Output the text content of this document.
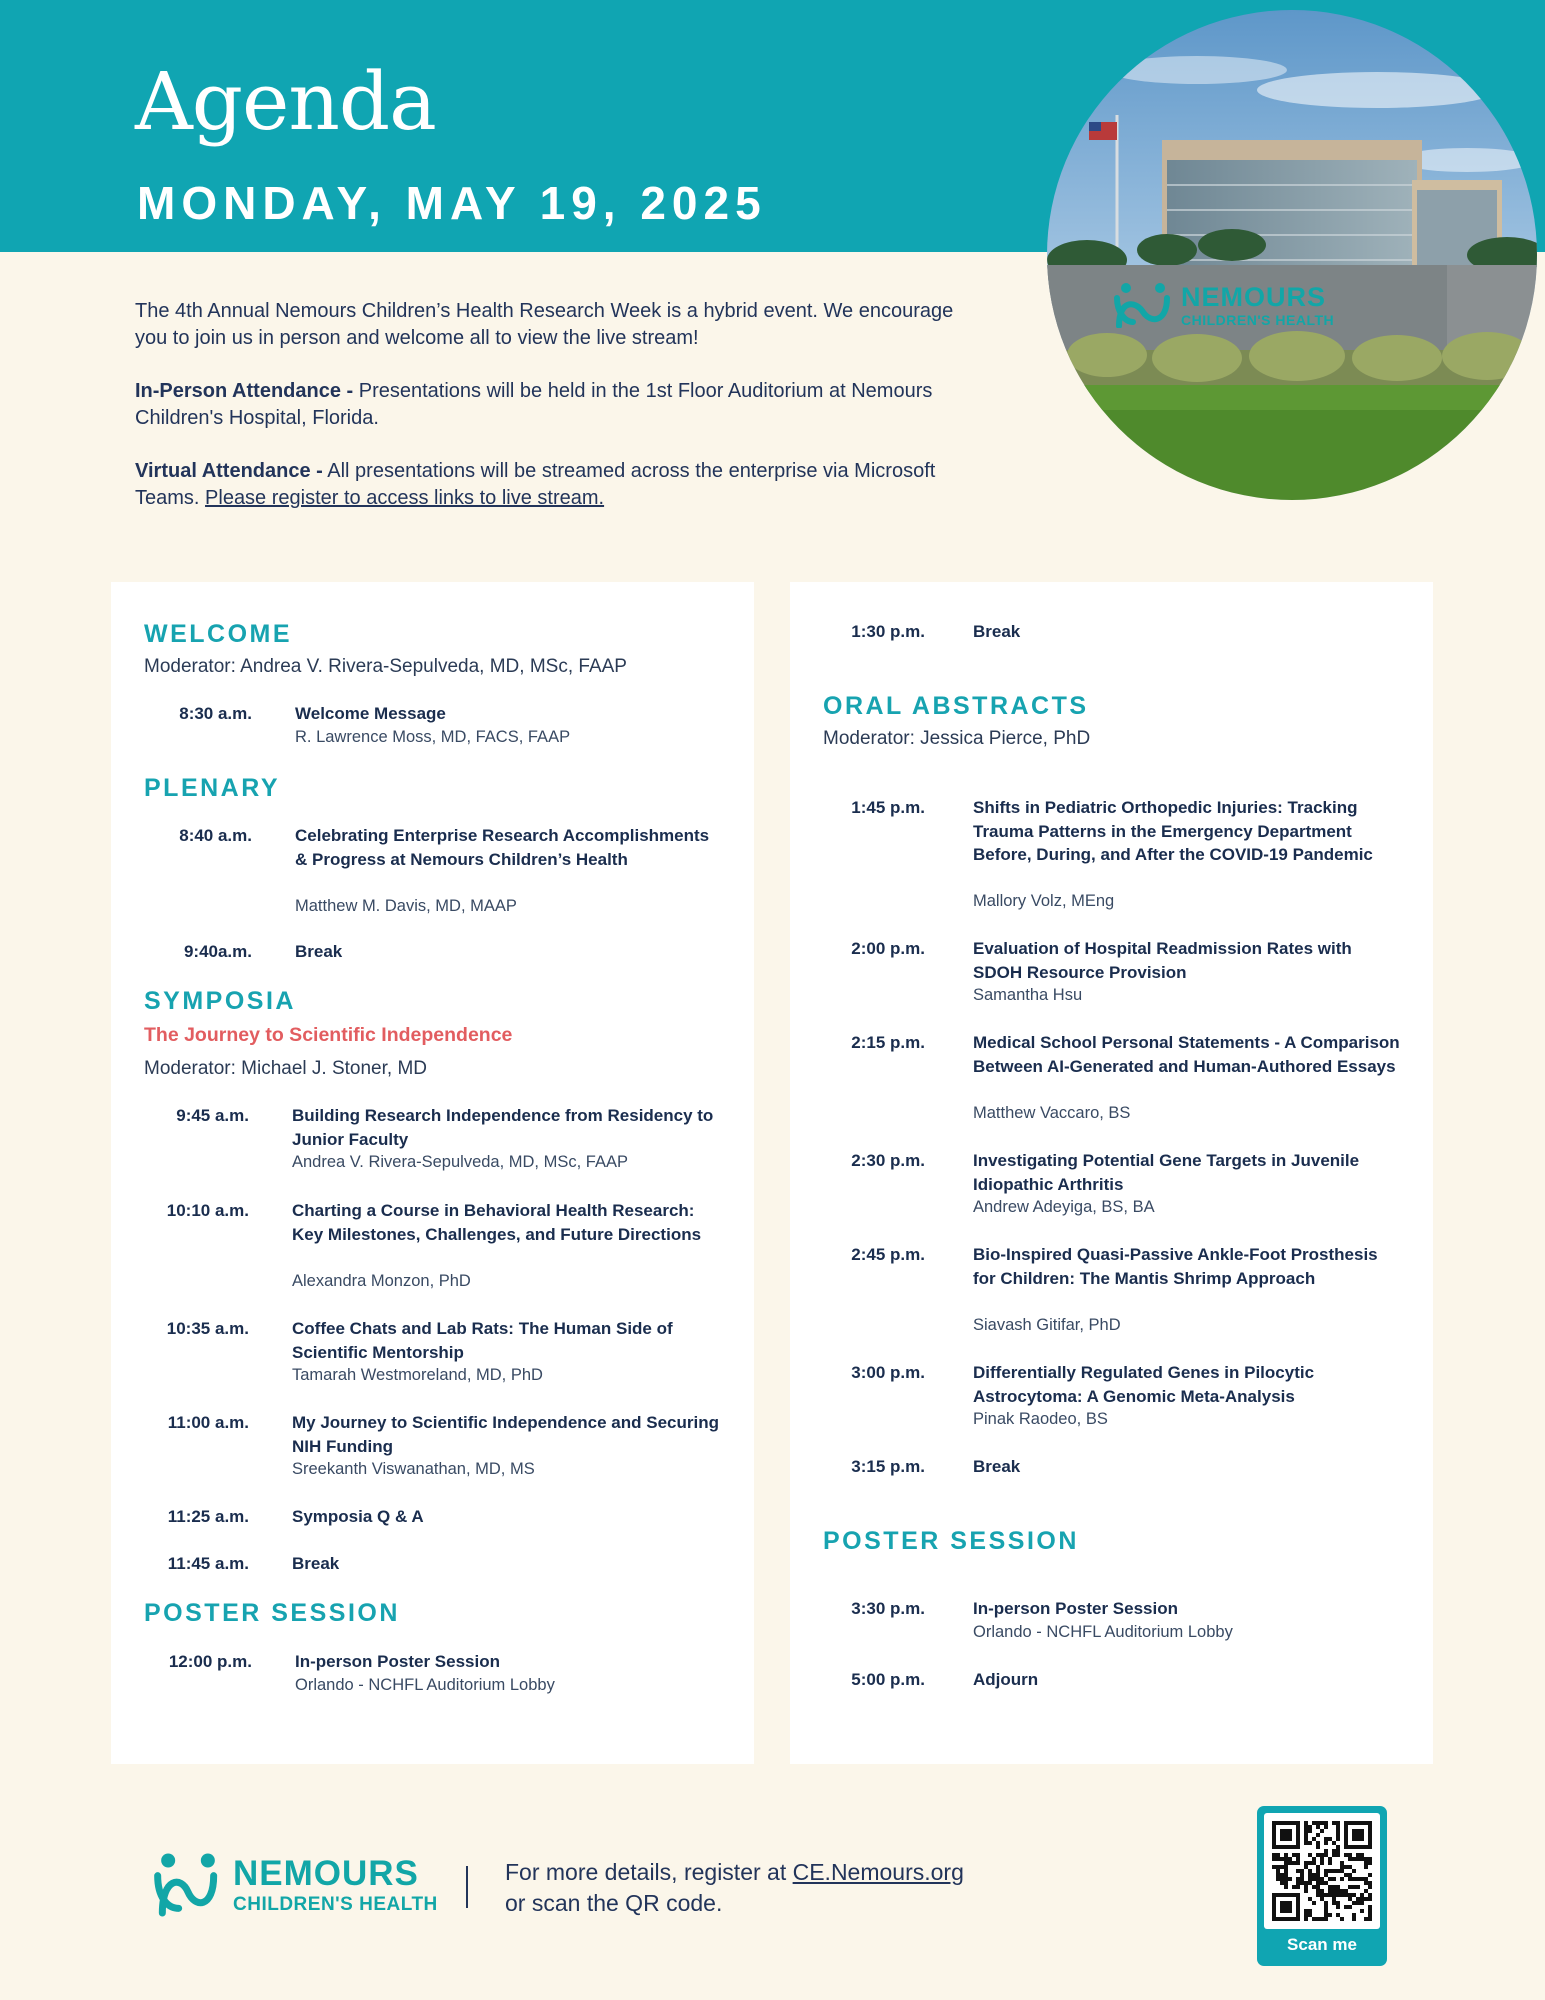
Agenda
MONDAY, MAY 19, 2025
NEMOURS
CHILDREN'S HEALTH

The 4th Annual Nemours Children’s Health Research Week is a hybrid event. We encourage you to join us in person and welcome all to view the live stream!

In-Person Attendance - Presentations will be held in the 1st Floor Auditorium at Nemours Children's Hospital, Florida.

Virtual Attendance - All presentations will be streamed across the enterprise via Microsoft Teams. Please register to access links to live stream.

WELCOME
Moderator: Andrea V. Rivera-Sepulveda, MD, MSc, FAAP
8:30 a.m.	Welcome Message
R. Lawrence Moss, MD, FACS, FAAP
PLENARY
8:40 a.m.	Celebrating Enterprise Research Accomplishments & Progress at Nemours Children’s Health
Matthew M. Davis, MD, MAAP
9:40a.m.	Break
SYMPOSIA
The Journey to Scientific Independence
Moderator: Michael J. Stoner, MD
9:45 a.m.	Building Research Independence from Residency to Junior Faculty
Andrea V. Rivera-Sepulveda, MD, MSc, FAAP
10:10 a.m.	Charting a Course in Behavioral Health Research: Key Milestones, Challenges, and Future Directions
Alexandra Monzon, PhD
10:35 a.m.	Coffee Chats and Lab Rats: The Human Side of Scientific Mentorship
Tamarah Westmoreland, MD, PhD
11:00 a.m.	My Journey to Scientific Independence and Securing NIH Funding
Sreekanth Viswanathan, MD, MS
11:25 a.m.	Symposia Q & A
11:45 a.m.	Break
POSTER SESSION
12:00 p.m.	In-person Poster Session
Orlando - NCHFL Auditorium Lobby
1:30 p.m.	Break
ORAL ABSTRACTS
Moderator: Jessica Pierce, PhD
1:45 p.m.	Shifts in Pediatric Orthopedic Injuries: Tracking Trauma Patterns in the Emergency Department Before, During, and After the COVID-19 Pandemic
Mallory Volz, MEng
2:00 p.m.	Evaluation of Hospital Readmission Rates with SDOH Resource Provision
Samantha Hsu
2:15 p.m.	Medical School Personal Statements - A Comparison Between AI-Generated and Human-Authored Essays
Matthew Vaccaro, BS
2:30 p.m.	Investigating Potential Gene Targets in Juvenile Idiopathic Arthritis
Andrew Adeyiga, BS, BA
2:45 p.m.	Bio-Inspired Quasi-Passive Ankle-Foot Prosthesis for Children: The Mantis Shrimp Approach
Siavash Gitifar, PhD
3:00 p.m.	Differentially Regulated Genes in Pilocytic Astrocytoma: A Genomic Meta-Analysis
Pinak Raodeo, BS
3:15 p.m.	Break
POSTER SESSION
3:30 p.m.	In-person Poster Session
Orlando - NCHFL Auditorium Lobby
5:00 p.m.	Adjourn
NEMOURS
CHILDREN'S HEALTH
For more details, register at CE.Nemours.org
or scan the QR code.
Scan me
